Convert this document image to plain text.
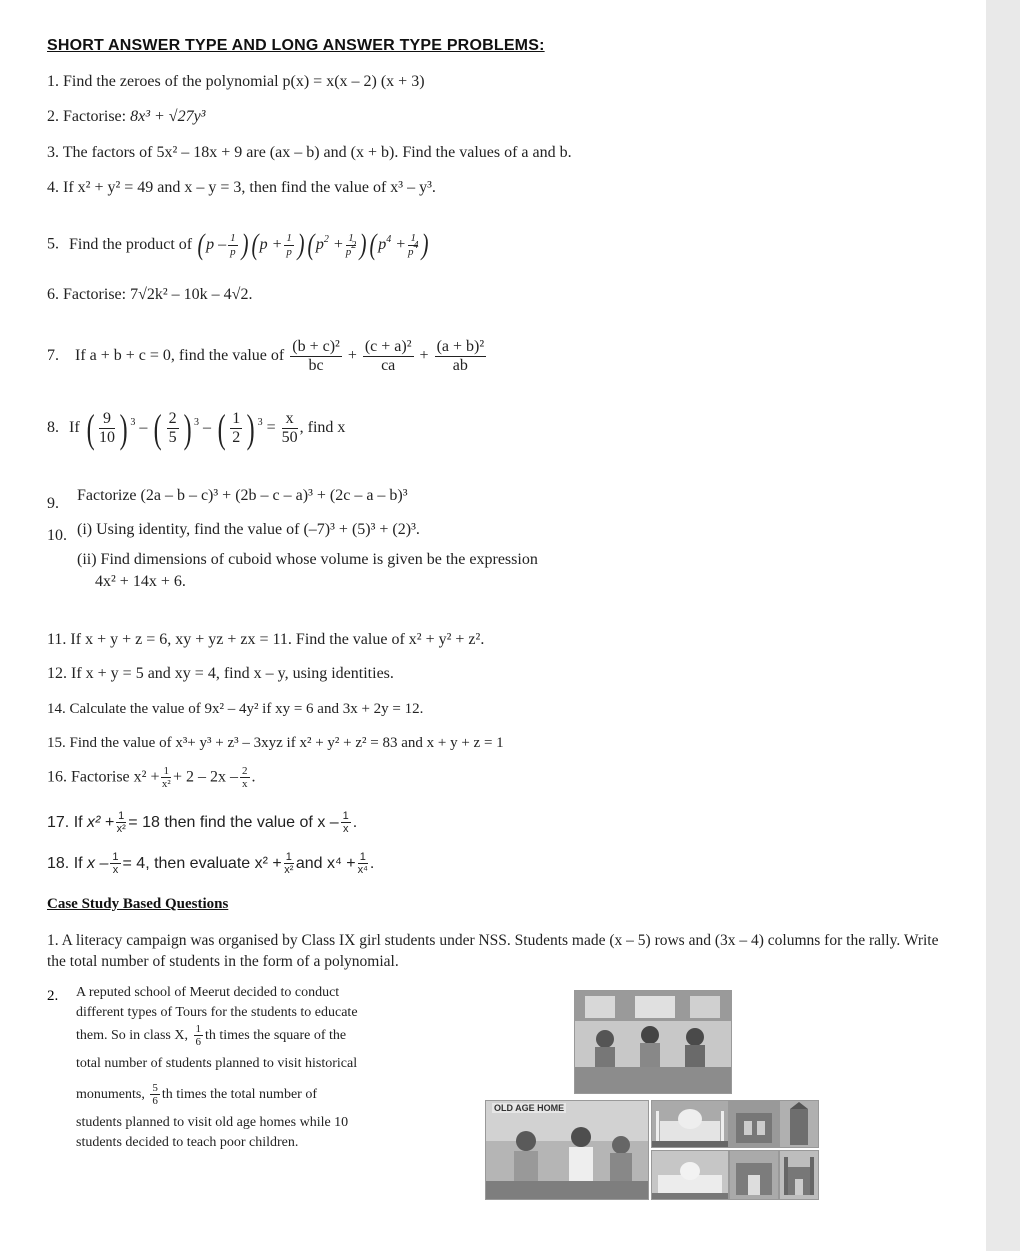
SHORT ANSWER TYPE AND LONG ANSWER TYPE PROBLEMS:
1. Find the zeroes of the polynomial p(x) = x(x – 2) (x + 3)
2. Factorise: 8x³ + √27y³
3. The factors of 5x² – 18x + 9 are (ax – b) and (x + b). Find the values of a and b.
4. If x² + y² = 49 and x – y = 3, then find the value of x³ – y³.
5. Find the product of ($p - \frac{1}{p}$ ) ($p + \frac{1}{p}$ ) ($p^2 + \frac{1}{p^2}$ ) ($p^4 + \frac{1}{p^4}$ )
6. Factorise: 7√2k² – 10k – 4√2.
7. If a + b + c = 0, find the value of $\frac{\text{(b + c)²}}{bc} + \frac{\text{(c + a)²}}{ca} + \frac{\text{(a + b)²}}{ab}$
8. If ( $\frac{9}{10}$ ) $^3$ – ( $\frac{2}{5}$ ) $^3$ – ( $\frac{1}{2}$ ) $^3 = \frac{x}{50}$ , find x
9. Factorize (2a – b – c)³ + (2b – c – a)³ + (2c – a – b)³
10. (i) Using identity, find the value of (–7)³ + (5)³ + (2)³.
(ii) Find dimensions of cuboid whose volume is given be the expression
4x² + 14x + 6.
11. If x + y + z = 6, xy + yz + zx = 11. Find the value of x² + y² + z².
12. If x + y = 5 and xy = 4, find x – y, using identities.
14. Calculate the value of 9x² – 4y² if xy = 6 and 3x + 2y = 12.
15. Find the value of x³+ y³ + z³ – 3xyz if x² + y² + z² = 83 and x + y + z = 1
16. Factorise $x^2 + \frac{1}{\text{x²}} + 2 - 2x - \frac{2}{x}$ .
17. If $x^2 + \frac{1}{\text{x²}} = 18$ then find the value of x – $\frac{1}{x}$ .
18. If $x - \frac{1}{x} = 4$, then evaluate $x^2 + \frac{1}{\text{x²}}$ and $x^4 + \frac{1}{\text{x⁴}}$ .
Case Study Based Questions
1. A literacy campaign was organised by Class IX girl students under NSS. Students made (x – 5) rows and (3x – 4) columns for the rally. Write the total number of students in the form of a polynomial.
2. A reputed school of Meerut decided to conduct
different types of Tours for the students to educate
them. So in class X, $\frac{1}{6}$ th times the square of the
total number of students planned to visit historical
monuments, $\frac{5}{6}$ th times the total number of
students planned to visit old age homes while 10
students decided to teach poor children.
OLD AGE HOME
